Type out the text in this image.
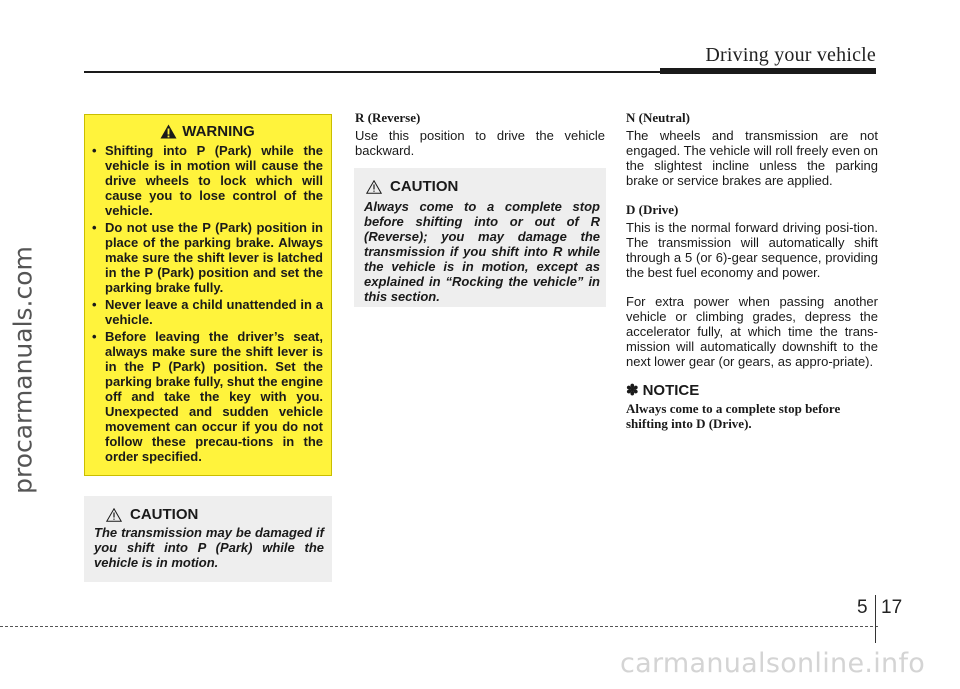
Driving your vehicle
procarmanuals.com
WARNING
• Shifting into P (Park) while the vehicle is in motion will cause the drive wheels to lock which will cause you to lose control of the vehicle.
• Do not use the P (Park) position in place of the parking brake. Always make sure the shift lever is latched in the P (Park) position and set the parking brake fully.
• Never leave a child unattended in a vehicle.
• Before leaving the driver’s seat, always make sure the shift lever is in the P (Park) position. Set the parking brake fully, shut the engine off and take the key with you. Unexpected and sudden vehicle movement can occur if you do not follow these precau-tions in the order specified.
CAUTION
The transmission may be damaged if you shift into P (Park) while the vehicle is in motion.
R (Reverse)

Use this position to drive the vehicle backward.

CAUTION
Always come to a complete stop before shifting into or out of R (Reverse); you may damage the transmission if you shift into R while the vehicle is in motion, except as explained in “Rocking the vehicle” in this section.
N (Neutral)

The wheels and transmission are not engaged. The vehicle will roll freely even on the slightest incline unless the parking brake or service brakes are applied.

D (Drive)

This is the normal forward driving posi-tion. The transmission will automatically shift through a 5 (or 6)-gear sequence, providing the best fuel economy and power.

For extra power when passing another vehicle or climbing grades, depress the accelerator fully, at which time the trans-mission will automatically downshift to the next lower gear (or gears, as appro-priate).

✽ NOTICE
Always come to a complete stop before shifting into D (Drive).
5 17
carmanualsonline.info
